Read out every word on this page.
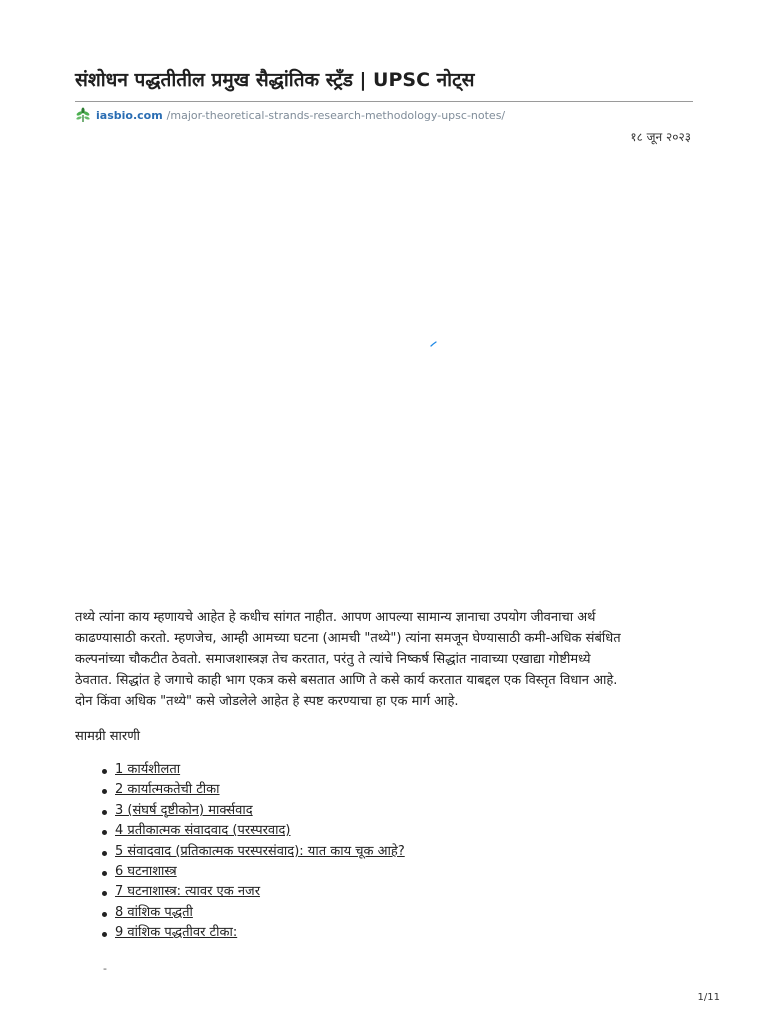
संशोधन पद्धतीतील प्रमुख सैद्धांतिक स्ट्रँड | UPSC नोट्स
iasbio.com /major-theoretical-strands-research-methodology-upsc-notes/
१८ जून २०२३

तथ्ये त्यांना काय म्हणायचे आहेत हे कधीच सांगत नाहीत. आपण आपल्या सामान्य ज्ञानाचा उपयोग जीवनाचा अर्थ
काढण्यासाठी करतो. म्हणजेच, आम्ही आमच्या घटना (आमची "तथ्ये") त्यांना समजून घेण्यासाठी कमी-अधिक संबंधित
कल्पनांच्या चौकटीत ठेवतो. समाजशास्त्रज्ञ तेच करतात, परंतु ते त्यांचे निष्कर्ष सिद्धांत नावाच्या एखाद्या गोष्टीमध्ये
ठेवतात. सिद्धांत हे जगाचे काही भाग एकत्र कसे बसतात आणि ते कसे कार्य करतात याबद्दल एक विस्तृत विधान आहे.
दोन किंवा अधिक "तथ्ये" कसे जोडलेले आहेत हे स्पष्ट करण्याचा हा एक मार्ग आहे.

सामग्री सारणी

1 कार्यशीलता
2 कार्यात्मकतेची टीका
3 (संघर्ष दृष्टीकोन) मार्क्सवाद
4 प्रतीकात्मक संवादवाद (परस्परवाद)
5 संवादवाद (प्रतिकात्मक परस्परसंवाद): यात काय चूक आहे?
6 घटनाशास्त्र
7 घटनाशास्त्र: त्यावर एक नजर
8 वांशिक पद्धती
9 वांशिक पद्धतीवर टीका:
-
1/11
